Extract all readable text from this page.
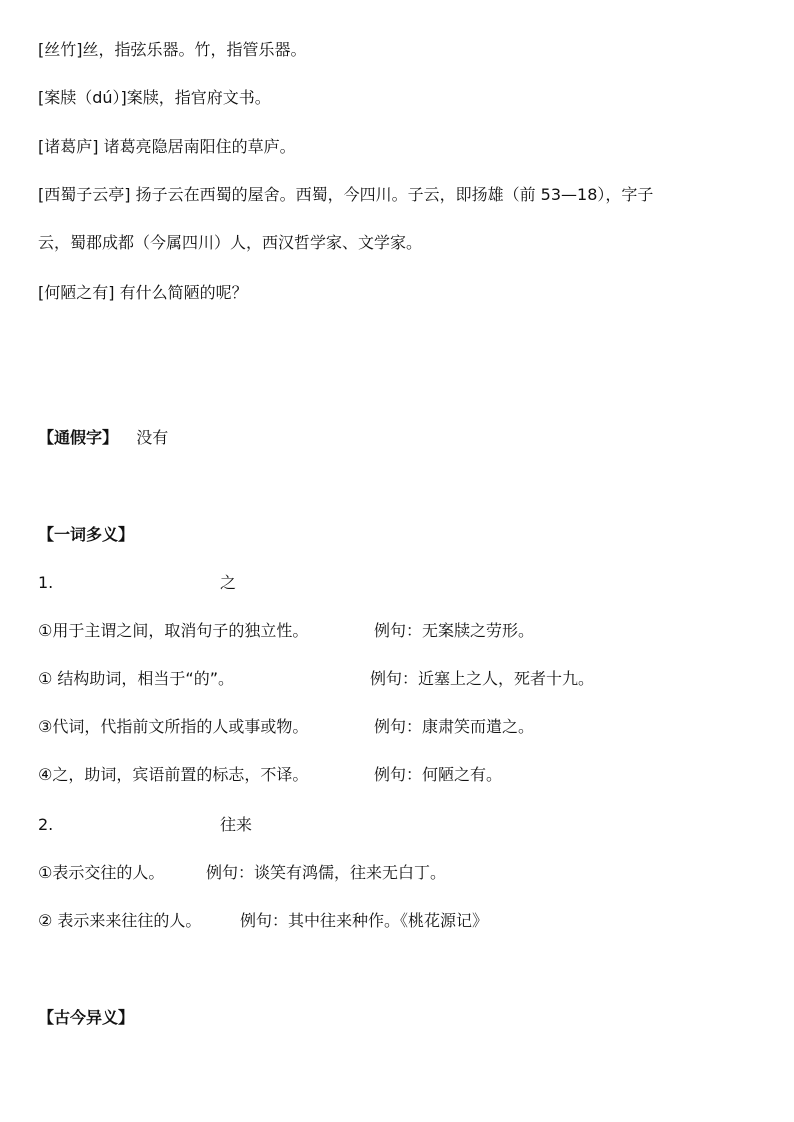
[丝竹]丝，指弦乐器。竹，指管乐器。

[案牍（dú）]案牍，指官府文书。

[诸葛庐] 诸葛亮隐居南阳住的草庐。

[西蜀子云亭] 扬子云在西蜀的屋舍。西蜀，今四川。子云，即扬雄（前 53—18），字子

云，蜀郡成都（今属四川）人，西汉哲学家、文学家。

[何陋之有] 有什么简陋的呢？

【通假字】 没有

【一词多义】

1.	之

①用于主谓之间，取消句子的独立性。	例句：无案牍之劳形。

① 结构助词，相当于“的”。	例句：近塞上之人，死者十九。

③代词，代指前文所指的人或事或物。	例句：康肃笑而遣之。

④之，助词，宾语前置的标志，不译。	例句：何陋之有。

2.	往来

①表示交往的人。	例句：谈笑有鸿儒，往来无白丁。

② 表示来来往往的人。 例句：其中往来种作。《桃花源记》

【古今异义】
